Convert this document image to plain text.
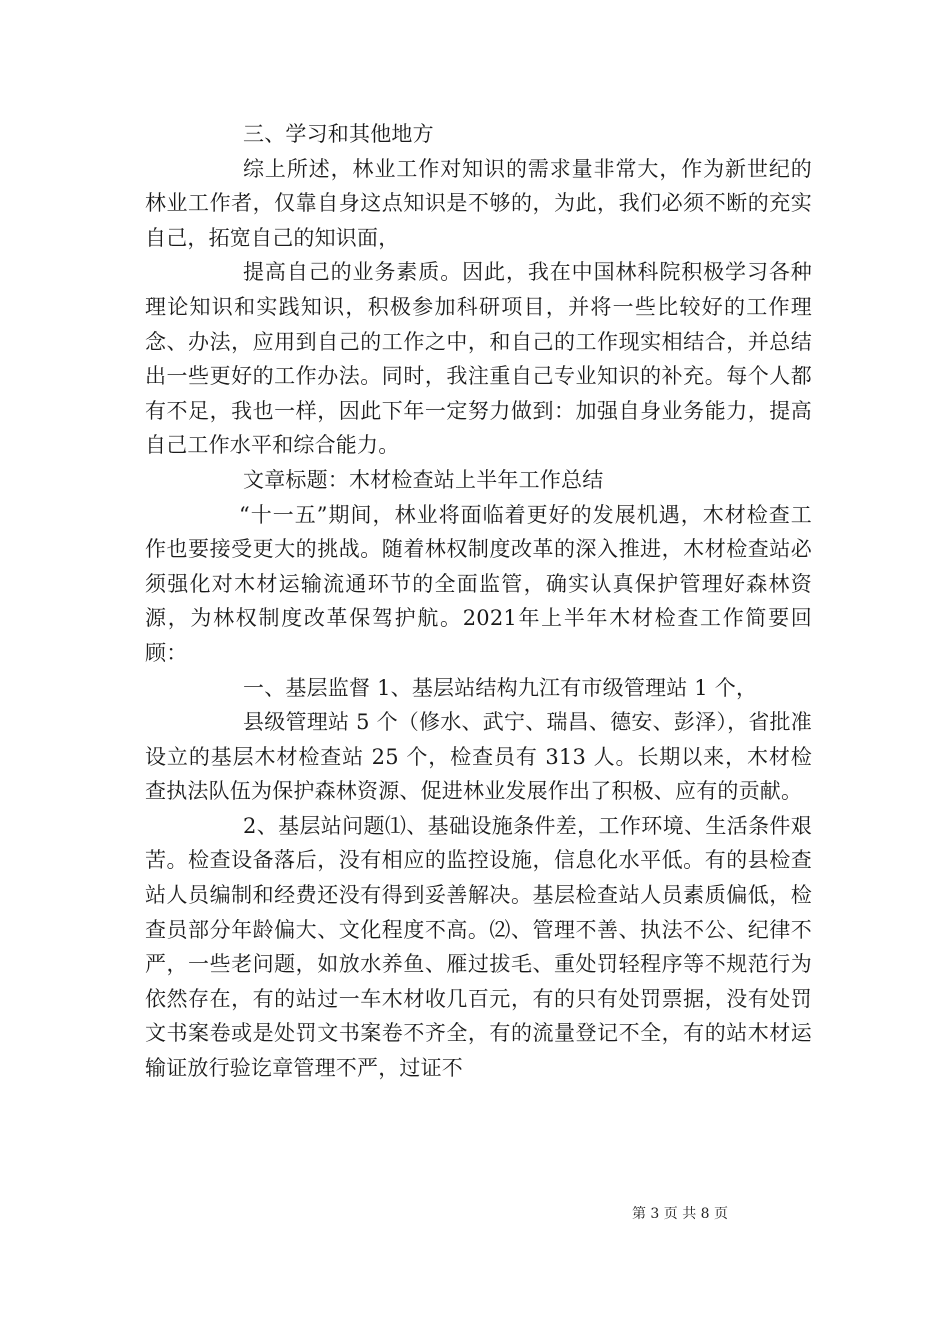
三、学习和其他地方

综上所述，林业工作对知识的需求量非常大，作为新世纪的林业工作者，仅靠自身这点知识是不够的，为此，我们必须不断的充实自己，拓宽自己的知识面，

提高自己的业务素质。因此，我在中国林科院积极学习各种理论知识和实践知识，积极参加科研项目，并将一些比较好的工作理念、办法，应用到自己的工作之中，和自己的工作现实相结合，并总结出一些更好的工作办法。同时，我注重自己专业知识的补充。每个人都有不足，我也一样，因此下年一定努力做到：加强自身业务能力，提高自己工作水平和综合能力。

文章标题：木材检查站上半年工作总结

“十一五”期间，林业将面临着更好的发展机遇，木材检查工作也要接受更大的挑战。随着林权制度改革的深入推进，木材检查站必须强化对木材运输流通环节的全面监管，确实认真保护管理好森林资源，为林权制度改革保驾护航。2021年上半年木材检查工作简要回顾：

一、基层监督 1、基层站结构九江有市级管理站 1 个，

县级管理站 5 个（修水、武宁、瑞昌、德安、彭泽），省批准设立的基层木材检查站 25 个，检查员有 313 人。长期以来，木材检查执法队伍为保护森林资源、促进林业发展作出了积极、应有的贡献。

2、基层站问题⑴、基础设施条件差，工作环境、生活条件艰苦。检查设备落后，没有相应的监控设施，信息化水平低。有的县检查站人员编制和经费还没有得到妥善解决。基层检查站人员素质偏低，检查员部分年龄偏大、文化程度不高。⑵、管理不善、执法不公、纪律不严，一些老问题，如放水养鱼、雁过拔毛、重处罚轻程序等不规范行为依然存在，有的站过一车木材收几百元，有的只有处罚票据，没有处罚文书案卷或是处罚文书案卷不齐全，有的流量登记不全，有的站木材运输证放行验讫章管理不严，过证不

第 3 页 共 8 页
